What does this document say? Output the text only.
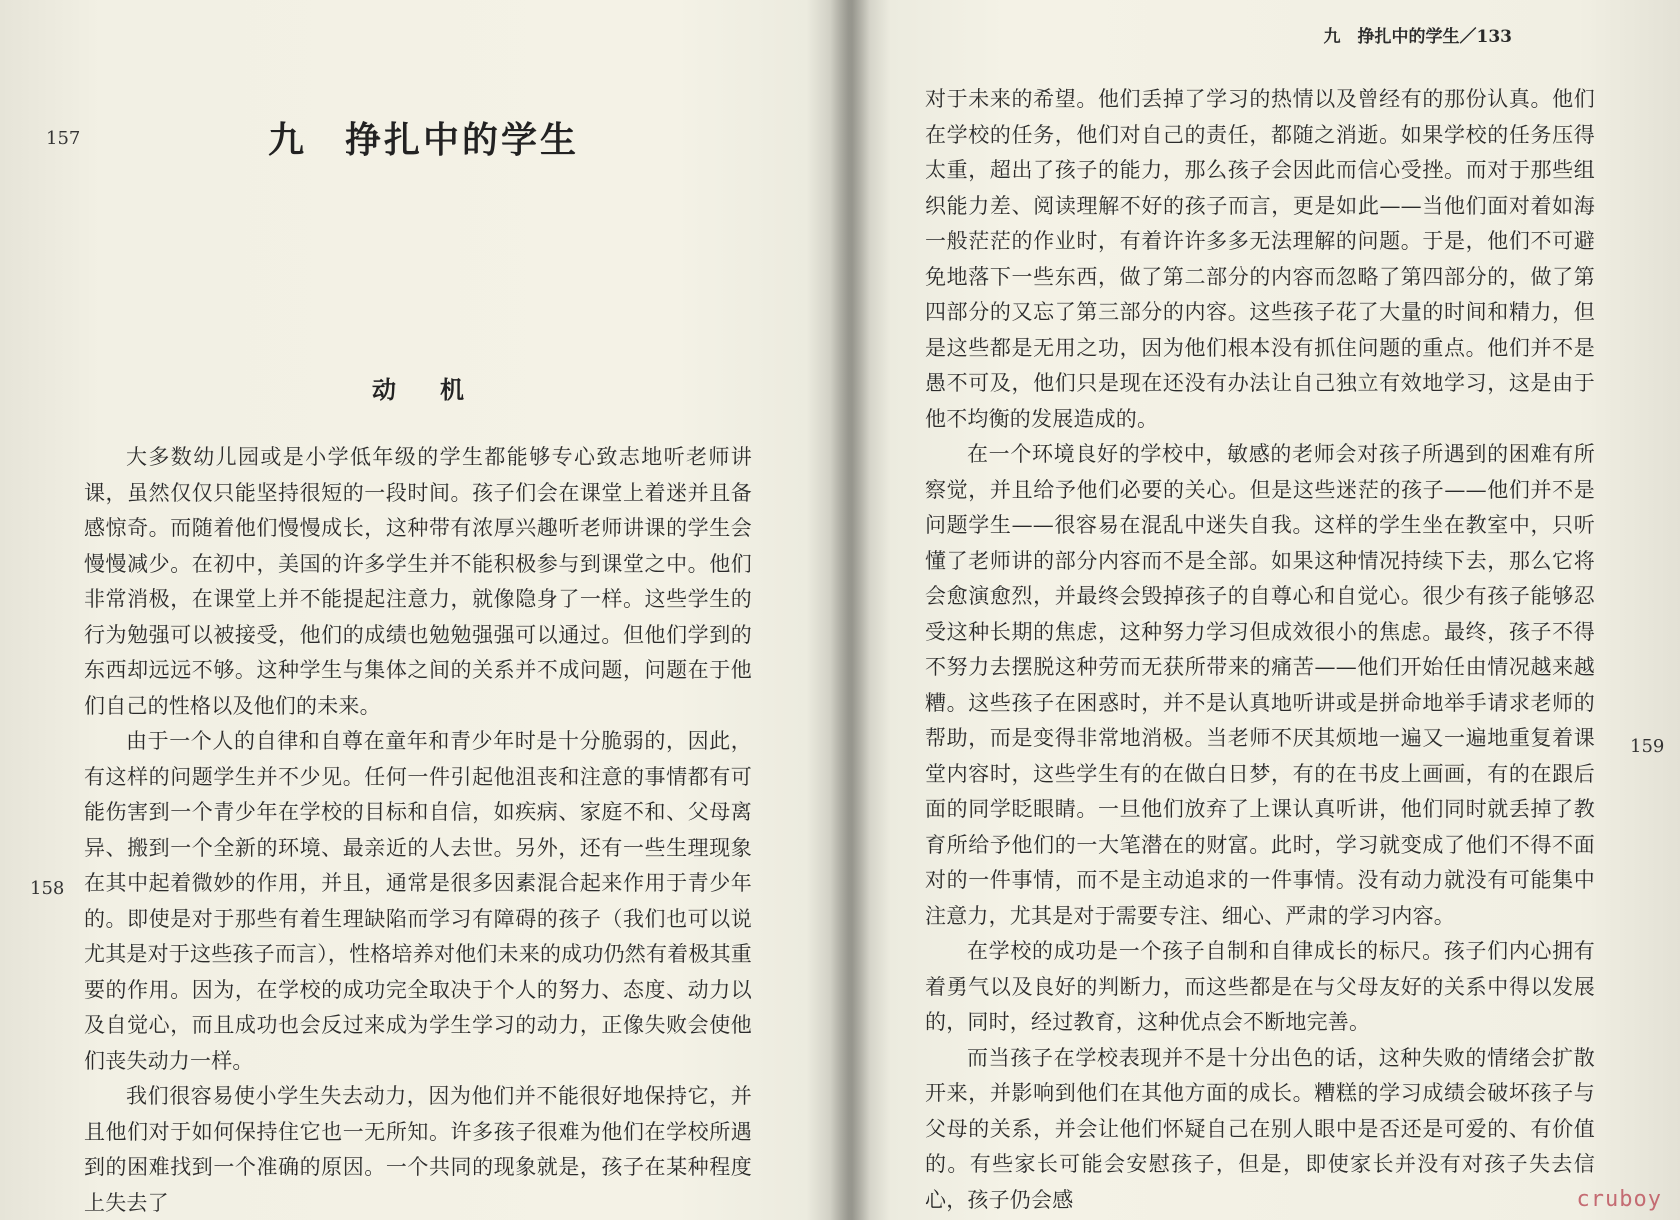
157	九 挣扎中的学生
动机

大多数幼儿园或是小学低年级的学生都能够专心致志地听老师讲课，虽然仅仅只能坚持很短的一段时间。孩子们会在课堂上着迷并且备感惊奇。而随着他们慢慢成长，这种带有浓厚兴趣听老师讲课的学生会慢慢减少。在初中，美国的许多学生并不能积极参与到课堂之中。他们非常消极，在课堂上并不能提起注意力，就像隐身了一样。这些学生的行为勉强可以被接受，他们的成绩也勉勉强强可以通过。但他们学到的东西却远远不够。这种学生与集体之间的关系并不成问题，问题在于他们自己的性格以及他们的未来。

由于一个人的自律和自尊在童年和青少年时是十分脆弱的，因此，有这样的问题学生并不少见。任何一件引起他沮丧和注意的事情都有可能伤害到一个青少年在学校的目标和自信，如疾病、家庭不和、父母离异、搬到一个全新的环境、最亲近的人去世。另外，还有一些生理现象在其中起着微妙的作用，并且，通常是很多因素混合起来作用于青少年的。即使是对于那些有着生理缺陷而学习有障碍的孩子（我们也可以说尤其是对于这些孩子而言），性格培养对他们未来的成功仍然有着极其重要的作用。因为，在学校的成功完全取决于个人的努力、态度、动力以及自觉心，而且成功也会反过来成为学生学习的动力，正像失败会使他们丧失动力一样。

我们很容易使小学生失去动力，因为他们并不能很好地保持它，并且他们对于如何保持住它也一无所知。许多孩子很难为他们在学校所遇到的困难找到一个准确的原因。一个共同的现象就是，孩子在某种程度上失去了

158
九　挣扎中的学生／133

对于未来的希望。他们丢掉了学习的热情以及曾经有的那份认真。他们在学校的任务，他们对自己的责任，都随之消逝。如果学校的任务压得太重，超出了孩子的能力，那么孩子会因此而信心受挫。而对于那些组织能力差、阅读理解不好的孩子而言，更是如此——当他们面对着如海一般茫茫的作业时，有着许许多多无法理解的问题。于是，他们不可避免地落下一些东西，做了第二部分的内容而忽略了第四部分的，做了第四部分的又忘了第三部分的内容。这些孩子花了大量的时间和精力，但是这些都是无用之功，因为他们根本没有抓住问题的重点。他们并不是愚不可及，他们只是现在还没有办法让自己独立有效地学习，这是由于他不均衡的发展造成的。

在一个环境良好的学校中，敏感的老师会对孩子所遇到的困难有所察觉，并且给予他们必要的关心。但是这些迷茫的孩子——他们并不是问题学生——很容易在混乱中迷失自我。这样的学生坐在教室中，只听懂了老师讲的部分内容而不是全部。如果这种情况持续下去，那么它将会愈演愈烈，并最终会毁掉孩子的自尊心和自觉心。很少有孩子能够忍受这种长期的焦虑，这种努力学习但成效很小的焦虑。最终，孩子不得不努力去摆脱这种劳而无获所带来的痛苦——他们开始任由情况越来越糟。这些孩子在困惑时，并不是认真地听讲或是拼命地举手请求老师的帮助，而是变得非常地消极。当老师不厌其烦地一遍又一遍地重复着课堂内容时，这些学生有的在做白日梦，有的在书皮上画画，有的在跟后面的同学眨眼睛。一旦他们放弃了上课认真听讲，他们同时就丢掉了教育所给予他们的一大笔潜在的财富。此时，学习就变成了他们不得不面对的一件事情，而不是主动追求的一件事情。没有动力就没有可能集中注意力，尤其是对于需要专注、细心、严肃的学习内容。

在学校的成功是一个孩子自制和自律成长的标尺。孩子们内心拥有着勇气以及良好的判断力，而这些都是在与父母友好的关系中得以发展的，同时，经过教育，这种优点会不断地完善。

而当孩子在学校表现并不是十分出色的话，这种失败的情绪会扩散开来，并影响到他们在其他方面的成长。糟糕的学习成绩会破坏孩子与父母的关系，并会让他们怀疑自己在别人眼中是否还是可爱的、有价值的。有些家长可能会安慰孩子，但是，即使家长并没有对孩子失去信心，孩子仍会感

159
cruboy
